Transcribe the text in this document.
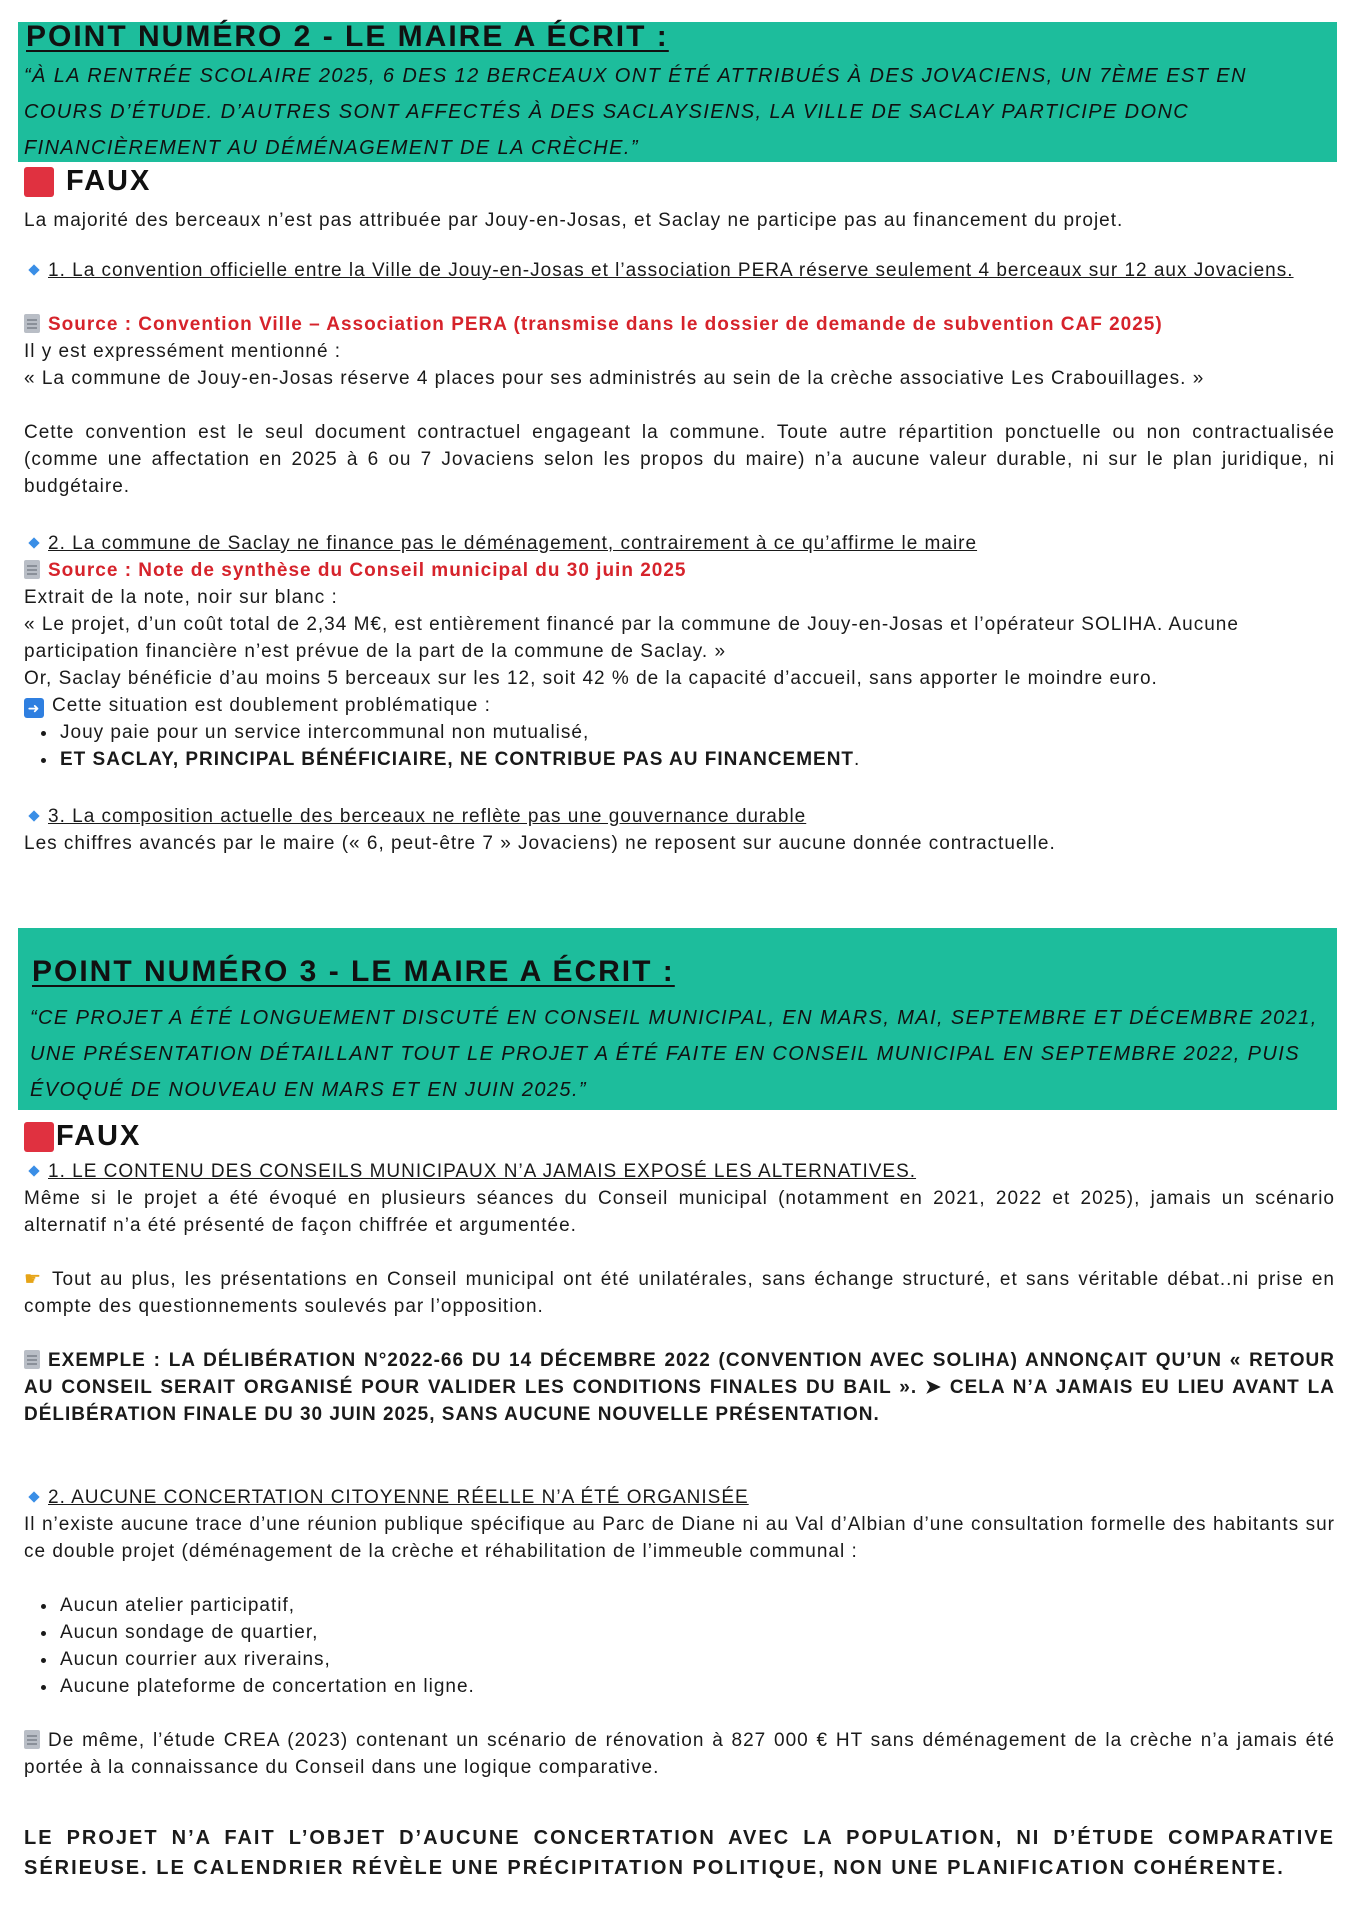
POINT NUMÉRO 2 - LE MAIRE A ÉCRIT :
“À LA RENTRÉE SCOLAIRE 2025, 6 DES 12 BERCEAUX ONT ÉTÉ ATTRIBUÉS À DES JOVACIENS, UN 7ÈME EST EN COURS D’ÉTUDE. D’AUTRES SONT AFFECTÉS À DES SACLAYSIENS, LA VILLE DE SACLAY PARTICIPE DONC FINANCIÈREMENT AU DÉMÉNAGEMENT DE LA CRÈCHE.”
FAUX

La majorité des berceaux n’est pas attribuée par Jouy-en-Josas, et Saclay ne participe pas au financement du projet.

1. La convention officielle entre la Ville de Jouy-en-Josas et l’association PERA réserve seulement 4 berceaux sur 12 aux Jovaciens.

Source : Convention Ville – Association PERA (transmise dans le dossier de demande de subvention CAF 2025)

Il y est expressément mentionné :

« La commune de Jouy-en-Josas réserve 4 places pour ses administrés au sein de la crèche associative Les Crabouillages. »

Cette convention est le seul document contractuel engageant la commune. Toute autre répartition ponctuelle ou non contractualisée (comme une affectation en 2025 à 6 ou 7 Jovaciens selon les propos du maire) n’a aucune valeur durable, ni sur le plan juridique, ni budgétaire.

2. La commune de Saclay ne finance pas le déménagement, contrairement à ce qu’affirme le maire

Source : Note de synthèse du Conseil municipal du 30 juin 2025

Extrait de la note, noir sur blanc :

« Le projet, d’un coût total de 2,34 M€, est entièrement financé par la commune de Jouy-en-Josas et l’opérateur SOLIHA. Aucune participation financière n’est prévue de la part de la commune de Saclay. »

Or, Saclay bénéficie d’au moins 5 berceaux sur les 12, soit 42 % de la capacité d’accueil, sans apporter le moindre euro.

➜ Cette situation est doublement problématique :

• Jouy paie pour un service intercommunal non mutualisé,
• ET SACLAY, PRINCIPAL BÉNÉFICIAIRE, NE CONTRIBUE PAS AU FINANCEMENT.

3. La composition actuelle des berceaux ne reflète pas une gouvernance durable

Les chiffres avancés par le maire (« 6, peut-être 7 » Jovaciens) ne reposent sur aucune donnée contractuelle.

POINT NUMÉRO 3 - LE MAIRE A ÉCRIT :
“CE PROJET A ÉTÉ LONGUEMENT DISCUTÉ EN CONSEIL MUNICIPAL, EN MARS, MAI, SEPTEMBRE ET DÉCEMBRE 2021, UNE PRÉSENTATION DÉTAILLANT TOUT LE PROJET A ÉTÉ FAITE EN CONSEIL MUNICIPAL EN SEPTEMBRE 2022, PUIS ÉVOQUÉ DE NOUVEAU EN MARS ET EN JUIN 2025.”
FAUX

1. LE CONTENU DES CONSEILS MUNICIPAUX N’A JAMAIS EXPOSÉ LES ALTERNATIVES.

Même si le projet a été évoqué en plusieurs séances du Conseil municipal (notamment en 2021, 2022 et 2025), jamais un scénario alternatif n’a été présenté de façon chiffrée et argumentée.

☛ Tout au plus, les présentations en Conseil municipal ont été unilatérales, sans échange structuré, et sans véritable débat..ni prise en compte des questionnements soulevés par l’opposition.

EXEMPLE : LA DÉLIBÉRATION N°2022-66 DU 14 DÉCEMBRE 2022 (CONVENTION AVEC SOLIHA) ANNONÇAIT QU’UN « RETOUR AU CONSEIL SERAIT ORGANISÉ POUR VALIDER LES CONDITIONS FINALES DU BAIL ». ➤ CELA N’A JAMAIS EU LIEU AVANT LA DÉLIBÉRATION FINALE DU 30 JUIN 2025, SANS AUCUNE NOUVELLE PRÉSENTATION.

2. AUCUNE CONCERTATION CITOYENNE RÉELLE N’A ÉTÉ ORGANISÉE

Il n’existe aucune trace d’une réunion publique spécifique au Parc de Diane ni au Val d’Albian d’une consultation formelle des habitants sur ce double projet (déménagement de la crèche et réhabilitation de l’immeuble communal :

• Aucun atelier participatif,
• Aucun sondage de quartier,
• Aucun courrier aux riverains,
• Aucune plateforme de concertation en ligne.

De même, l’étude CREA (2023) contenant un scénario de rénovation à 827 000 € HT sans déménagement de la crèche n’a jamais été portée à la connaissance du Conseil dans une logique comparative.

LE PROJET N’A FAIT L’OBJET D’AUCUNE CONCERTATION AVEC LA POPULATION, NI D’ÉTUDE COMPARATIVE SÉRIEUSE. LE CALENDRIER RÉVÈLE UNE PRÉCIPITATION POLITIQUE, NON UNE PLANIFICATION COHÉRENTE.
